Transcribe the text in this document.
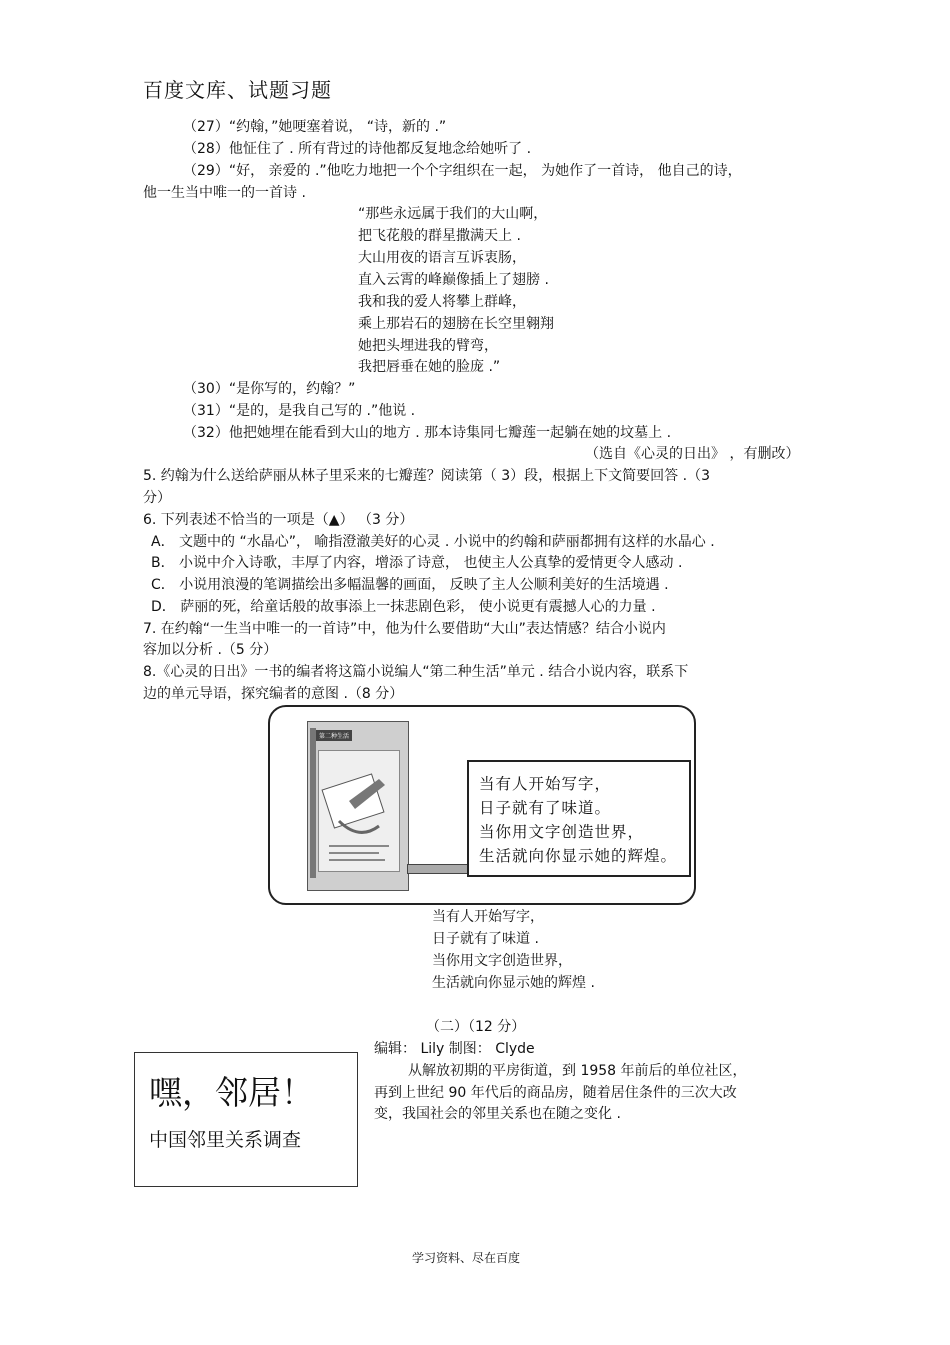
百度文库、试题习题
（27）“约翰，”她哽塞着说， “诗，新的 .”
（28）他怔住了 . 所有背过的诗他都反复地念给她听了 .
（29）“好， 亲爱的 .”他吃力地把一个个字组织在一起， 为她作了一首诗， 他自己的诗，
他一生当中唯一的一首诗 .
“那些永远属于我们的大山啊，
把飞花般的群星撒满天上 .
大山用夜的语言互诉衷肠，
直入云霄的峰巅像插上了翅膀 .
我和我的爱人将攀上群峰，
乘上那岩石的翅膀在长空里翱翔
她把头埋进我的臂弯，
我把唇垂在她的脸庞 .”
（30）“是你写的，约翰？”
（31）“是的，是我自己写的 .”他说 .
（32）他把她埋在能看到大山的地方 . 那本诗集同七瓣莲一起躺在她的坟墓上 .
（选自《心灵的日出》 ，有删改）
5. 约翰为什么送给萨丽从林子里采来的七瓣莲？阅读第（ 3）段，根据上下文简要回答 .（3
分）
6. 下列表述不恰当的一项是（▲） （3 分）
A． 文题中的 “水晶心”， 喻指澄澈美好的心灵 . 小说中的约翰和萨丽都拥有这样的水晶心 .
B． 小说中介入诗歌，丰厚了内容，增添了诗意， 也使主人公真挚的爱情更令人感动 .
C． 小说用浪漫的笔调描绘出多幅温馨的画面， 反映了主人公顺利美好的生活境遇 .
D． 萨丽的死，给童话般的故事添上一抹悲剧色彩， 使小说更有震撼人心的力量 .
7. 在约翰“一生当中唯一的一首诗”中，他为什么要借助“大山”表达情感？结合小说内
容加以分析 .（5 分）
8.《心灵的日出》一书的编者将这篇小说编人“第二种生活”单元 . 结合小说内容，联系下
边的单元导语，探究编者的意图 .（8 分）
第二种生活
当有人开始写字，
日子就有了味道。
当你用文字创造世界，
生活就向你显示她的辉煌。
当有人开始写字，
日子就有了味道 .
当你用文字创造世界，
生活就向你显示她的辉煌 .
（二）（12 分）
编辑： Lily 制图： Clyde
嘿，邻居！
中国邻里关系调查
从解放初期的平房街道，到 1958 年前后的单位社区，
再到上世纪 90 年代后的商品房，随着居住条件的三次大改
变，我国社会的邻里关系也在随之变化 .
学习资料、尽在百度
